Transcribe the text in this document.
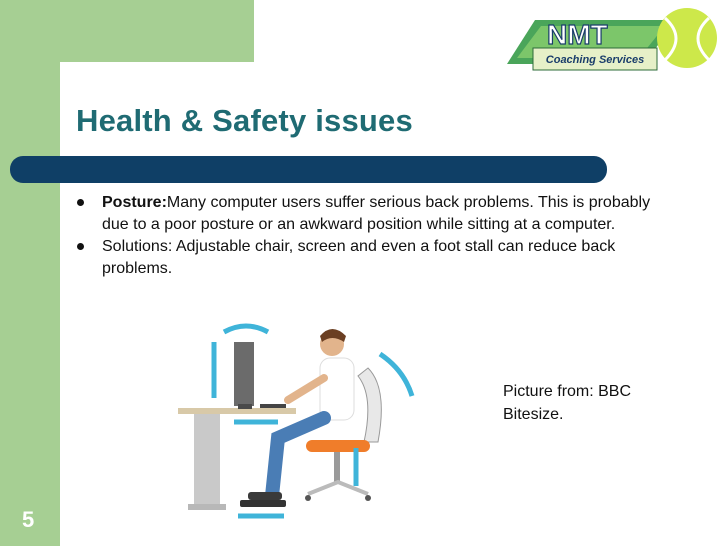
NMT
Coaching Services
Health & Safety issues
Posture:Many computer users suffer serious back problems. This is probably due to a poor posture or an awkward position while sitting at a computer.
Solutions: Adjustable chair, screen and even a foot stall can reduce back problems.
Picture from: BBC Bitesize.
5
